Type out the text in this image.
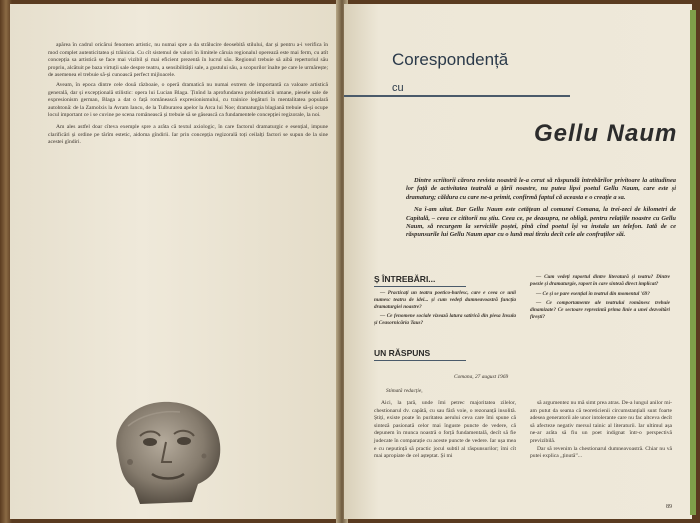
apărea în cadrul oricărui fenomen artistic, nu numai spre a da strălucire deosebită stilului, dar și pentru a-i verifica în mod complet autenticitatea și trăinicia. Cu cît sistemul de valori în limitele căruia regionalul operează este mai ferm, cu atît concepția sa artistică se face mai vizibil și mai eficient prezentă în lucrul său. Regionul trebuie să aibă repertoriul său propriu, alcătuit pe baza virtuții sale despre teatru, a sensibilității sale, a gustului său, a scopurilor înalte pe care le urmărește; de asemenea el trebuie să-și cunoască perfect mijloacele.

Aveam, în epoca dintre cele două războaie, o operă dramatică nu numai extrem de importantă ca valoare artistică generală, dar și excepțională stilistic: opera lui Lucian Blaga. Ținînd la aprofundarea problematicii umane, piesele sale de expresionism german, Blaga a dat o față românească expresionismului, cu trainice legături în mentalitatea populară autohtonă: de la Zamolxis la Avram Iancu, de la Tulburarea apelor la Arca lui Noe; dramaturgia blagiană trebuie să-și ocupe locul important ce i se cuvine pe scena românească și trebuie să se găsească ca fundamentele concepției regizorale, la noi.

Am ales astfel doar cîteva exemple spre a arăta că textul axiologic, în care factorul dramaturgic e esențial, impune clarificări și ordine pe tărîm estetic, aidoma gîndirii. Iar prin concepția regizorală toți ceilalți factori se supun de la sine acestei gîndiri.

Corespondență
cu
Gellu Naum

Dintre scriitorii cărora revista noastră le-a cerut să răspundă întrebărilor privitoare la atitudinea lor față de activitatea teatrală a țării noastre, nu putea lipsi poetul Gellu Naum, care este și dramaturg; căldura cu care ne-a primit, confirmă faptul că aceasta e o creație a sa.

Na î-am uitat. Dar Gellu Naum este cetățean al comunei Comana, la trei-zeci de kilometri de Capitală, – ceea ce cititorii nu știu. Ceea ce, pe deasupra, ne obligă, pentru relațiile noastre cu Gellu Naum, să recurgem la serviciile poștei, pînă cînd poetul își va instala un telefon. Iată de ce răspunsurile lui Gellu Naum apar cu o lună mai tîrziu decît cele ale confraților săi.

Ș ÎNTREBĂRI...

— Practicați un teatru poetico-burlesc, care e ceea ce unii numesc teatru de idei... și cum vedeți dumneavoastră funcția dramaturgiei noastre?

— Ce fenomene sociale vizează latura satirică din piesa Insula și Ceasornicăria Taus?

— Cum vedeți raportul dintre literatură și teatru? Dintre poezie și dramaturgie, raport în care sinteză direct implicat?

— Ce și se pare esențial în teatrul din momentul '69?

— Ce comportamente ale teatrului românesc trebuie dinamizate? Ce sectoare reprezintă prima linie a unei dezvoltări firești?

UN RĂSPUNS
Comana, 27 august 1969
Stimată redacție,

Aici, la țară, unde îmi petrec majoritatea zilelor, chestionarul dv. capătă, cu sau fără voie, o rezonanță insolită. Știți, existe poate în puritatea aerului ceva care îmi spune că sinteză pasionată celor mai înguste puncte de vedere, că depunem în munca noastră o forță fundamentală, decît să fie judecate în comparație cu aceste puncte de vedere. Iar ușa mea e cu neputință să practic jocul subtil al răspunsurilor; îmi cît mai apropiate de cel așteptat. Și mi

să argumentez nu mă simt prea atras. De-a lungul anilor mi-am putut da seama că teoreticienii circumstanțiali sunt foarte adesea generatorii ale unor intolerante care nu fac altceva decît să afecteze negativ mersul tainic al literaturii. Iar ultimul așa ne-ar arăta să fiu un poet indignat într-o perspectivă previzibilă.

Dar să revenim la chestionarul dumneavoastră. Chiar nu vă putei explica „ținută”...

89
